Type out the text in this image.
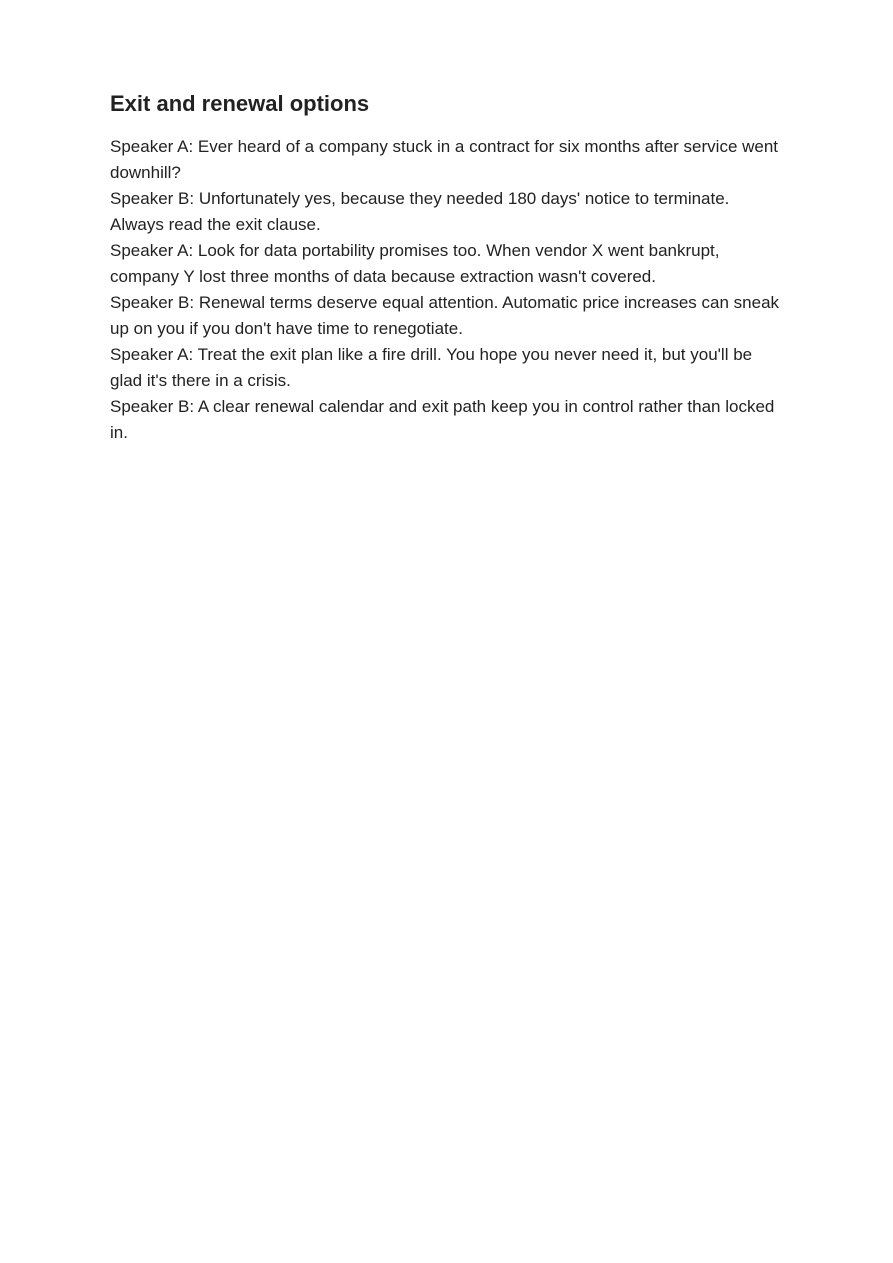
Exit and renewal options

Speaker A: Ever heard of a company stuck in a contract for six months after service went downhill?

Speaker B: Unfortunately yes, because they needed 180 days' notice to terminate. Always read the exit clause.

Speaker A: Look for data portability promises too. When vendor X went bankrupt, company Y lost three months of data because extraction wasn't covered.

Speaker B: Renewal terms deserve equal attention. Automatic price increases can sneak up on you if you don't have time to renegotiate.

Speaker A: Treat the exit plan like a fire drill. You hope you never need it, but you'll be glad it's there in a crisis.

Speaker B: A clear renewal calendar and exit path keep you in control rather than locked in.
